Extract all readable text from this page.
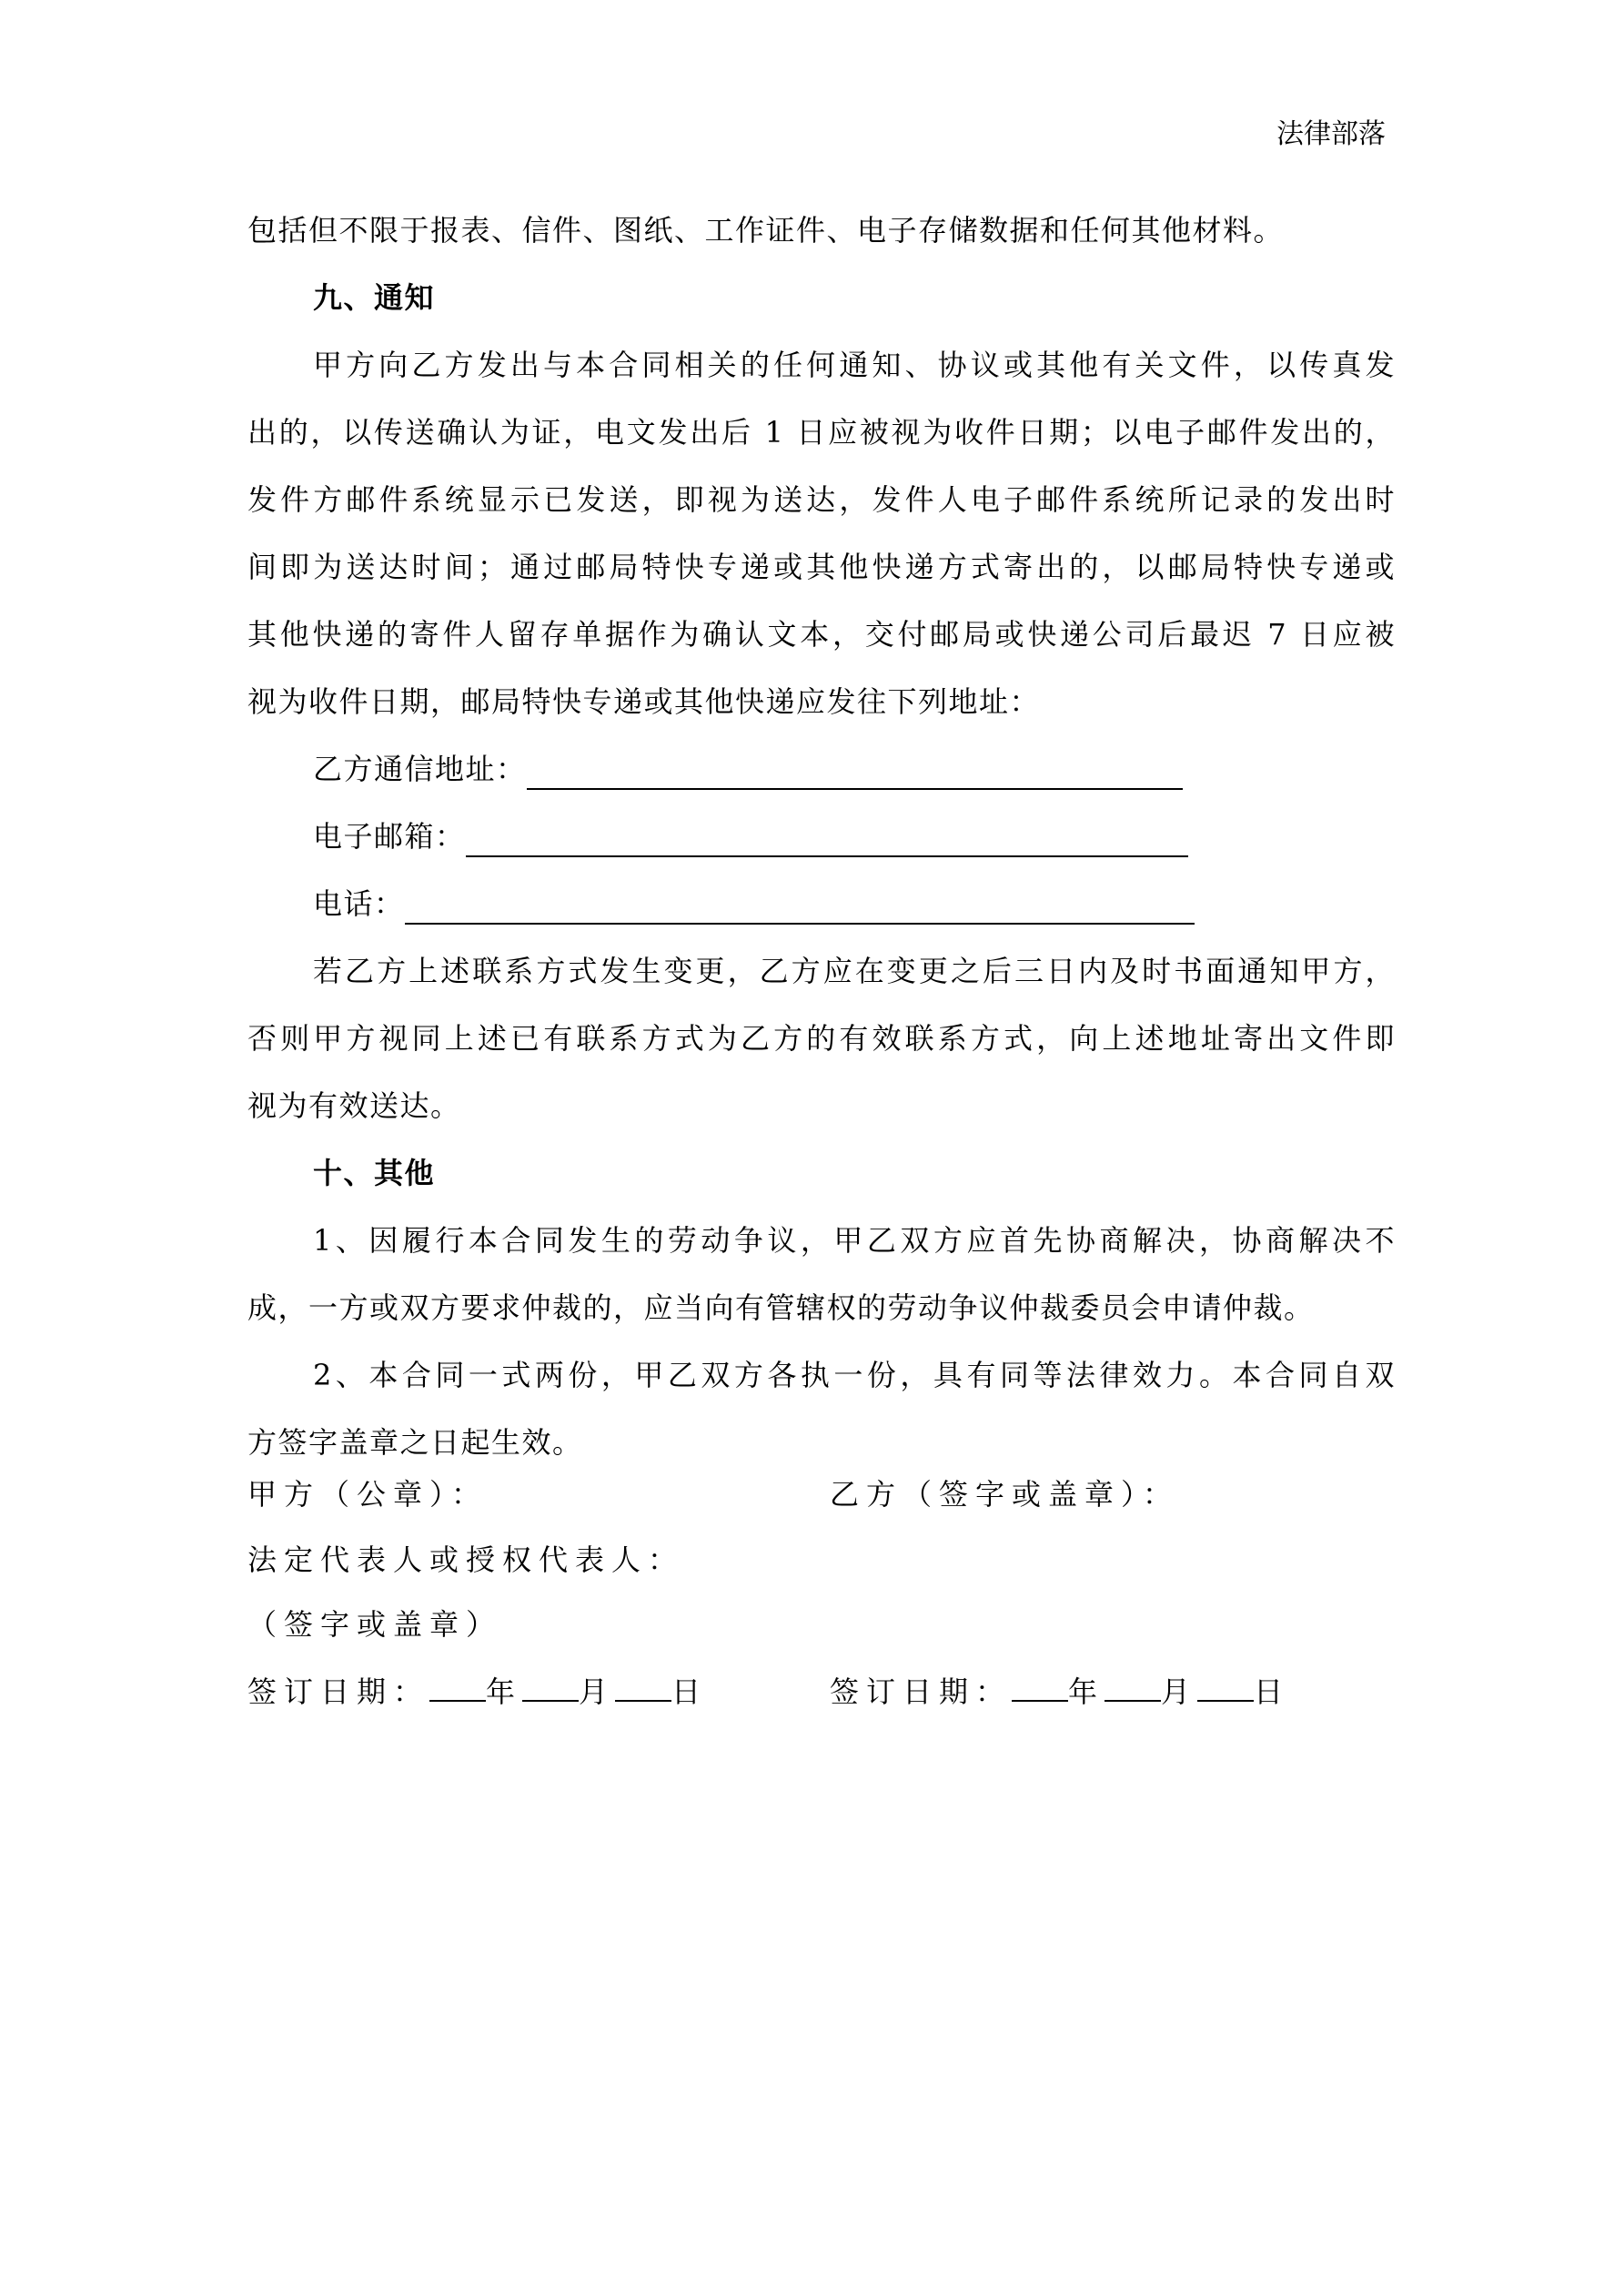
法律部落
包括但不限于报表、信件、图纸、工作证件、电子存储数据和任何其他材料。
九、通知
甲方向乙方发出与本合同相关的任何通知、协议或其他有关文件，以传真发
出的，以传送确认为证，电文发出后 1 日应被视为收件日期；以电子邮件发出的，
发件方邮件系统显示已发送，即视为送达，发件人电子邮件系统所记录的发出时
间即为送达时间；通过邮局特快专递或其他快递方式寄出的，以邮局特快专递或
其他快递的寄件人留存单据作为确认文本，交付邮局或快递公司后最迟 7 日应被
视为收件日期，邮局特快专递或其他快递应发往下列地址：
乙方通信地址：
电子邮箱：
电话：
若乙方上述联系方式发生变更，乙方应在变更之后三日内及时书面通知甲方，
否则甲方视同上述已有联系方式为乙方的有效联系方式，向上述地址寄出文件即
视为有效送达。
十、其他
1、因履行本合同发生的劳动争议，甲乙双方应首先协商解决，协商解决不
成，一方或双方要求仲裁的，应当向有管辖权的劳动争议仲裁委员会申请仲裁。
2、本合同一式两份，甲乙双方各执一份，具有同等法律效力。本合同自双
方签字盖章之日起生效。
甲方（公章）：	乙方（签字或盖章）：
法定代表人或授权代表人：
（签字或盖章）
签订日期： 年 月 日	签订日期： 年 月 日
